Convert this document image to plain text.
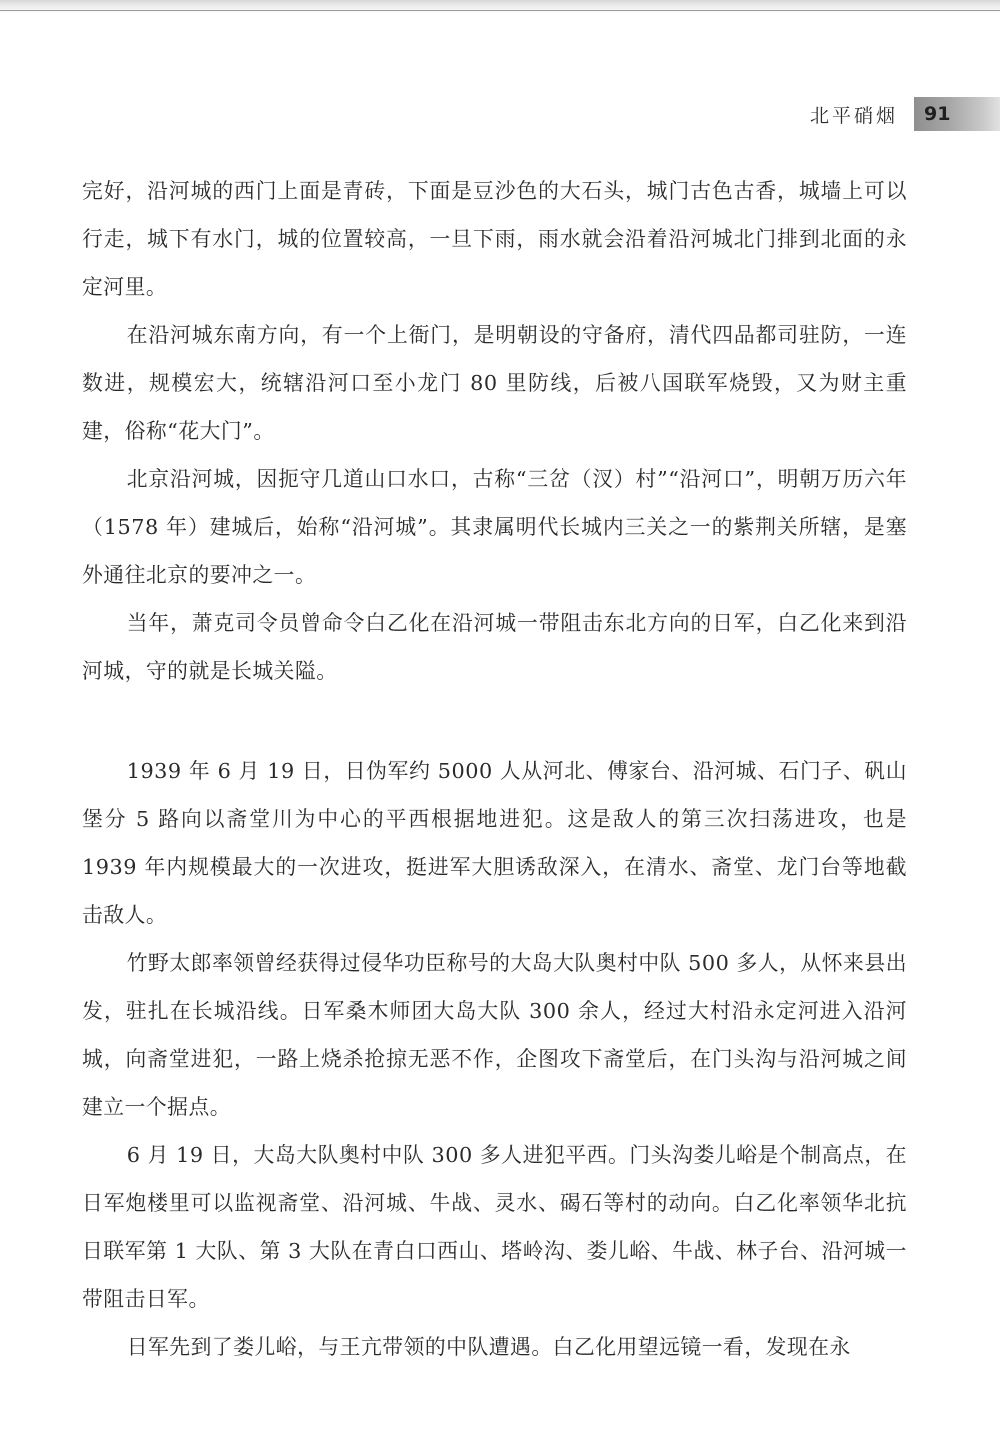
北平硝烟 91

完好，沿河城的西门上面是青砖，下面是豆沙色的大石头，城门古色古香，城墙上可以行走，城下有水门，城的位置较高，一旦下雨，雨水就会沿着沿河城北门排到北面的永定河里。

在沿河城东南方向，有一个上衙门，是明朝设的守备府，清代四品都司驻防，一连数进，规模宏大，统辖沿河口至小龙门 80 里防线，后被八国联军烧毁，又为财主重建，俗称“花大门”。

北京沿河城，因扼守几道山口水口，古称“三岔（汊）村”“沿河口”，明朝万历六年（1578 年）建城后，始称“沿河城”。其隶属明代长城内三关之一的紫荆关所辖，是塞外通往北京的要冲之一。

当年，萧克司令员曾命令白乙化在沿河城一带阻击东北方向的日军，白乙化来到沿河城，守的就是长城关隘。

1939 年 6 月 19 日，日伪军约 5000 人从河北、傅家台、沿河城、石门子、矾山堡分 5 路向以斋堂川为中心的平西根据地进犯。这是敌人的第三次扫荡进攻，也是 1939 年内规模最大的一次进攻，挺进军大胆诱敌深入，在清水、斋堂、龙门台等地截击敌人。

竹野太郎率领曾经获得过侵华功臣称号的大岛大队奥村中队 500 多人，从怀来县出发，驻扎在长城沿线。日军桑木师团大岛大队 300 余人，经过大村沿永定河进入沿河城，向斋堂进犯，一路上烧杀抢掠无恶不作，企图攻下斋堂后，在门头沟与沿河城之间建立一个据点。

6 月 19 日，大岛大队奥村中队 300 多人进犯平西。门头沟娄儿峪是个制高点，在日军炮楼里可以监视斋堂、沿河城、牛战、灵水、碣石等村的动向。白乙化率领华北抗日联军第 1 大队、第 3 大队在青白口西山、塔岭沟、娄儿峪、牛战、林子台、沿河城一带阻击日军。

日军先到了娄儿峪，与王亢带领的中队遭遇。白乙化用望远镜一看，发现在永
